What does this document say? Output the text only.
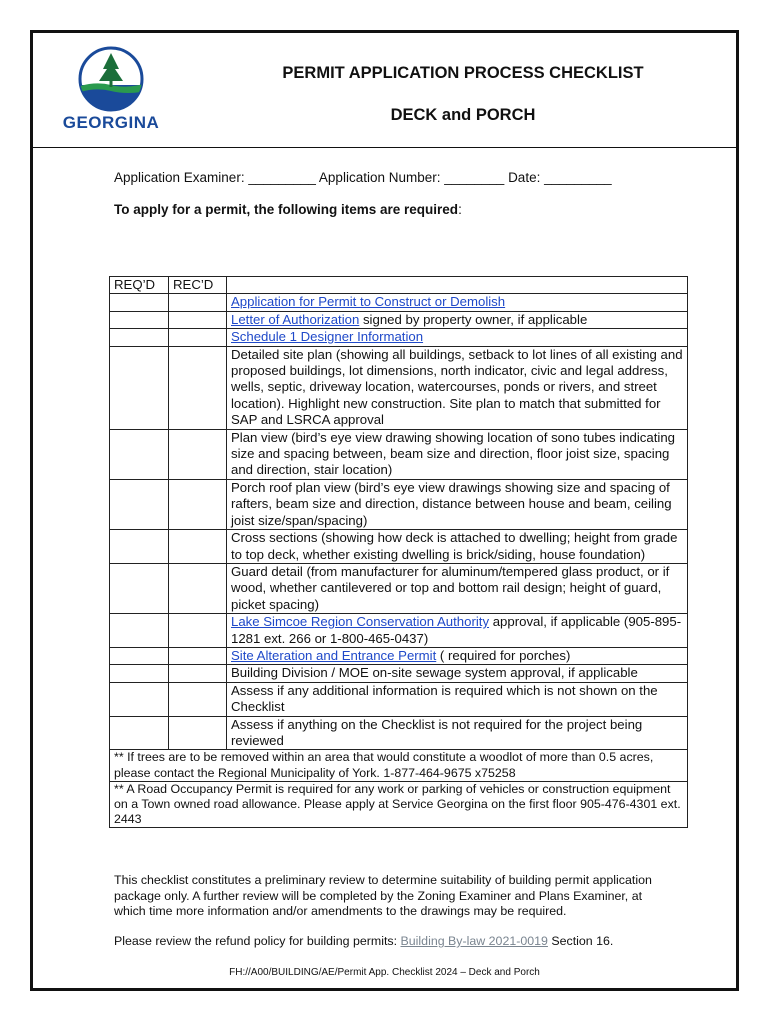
GEORGINA
PERMIT APPLICATION PROCESS CHECKLIST
DECK and PORCH
Application Examiner: _________ Application Number: ________ Date: _________
To apply for a permit, the following items are required:
REQ’D	REC’D	
		Application for Permit to Construct or Demolish
		Letter of Authorization signed by property owner, if applicable
		Schedule 1 Designer Information
		Detailed site plan (showing all buildings, setback to lot lines of all existing and proposed buildings, lot dimensions, north indicator, civic and legal address, wells, septic, driveway location, watercourses, ponds or rivers, and street location). Highlight new construction. Site plan to match that submitted for SAP and LSRCA approval
		Plan view (bird’s eye view drawing showing location of sono tubes indicating size and spacing between, beam size and direction, floor joist size, spacing and direction, stair location)
		Porch roof plan view (bird’s eye view drawings showing size and spacing of rafters, beam size and direction, distance between house and beam, ceiling joist size/span/spacing)
		Cross sections (showing how deck is attached to dwelling; height from grade to top deck, whether existing dwelling is brick/siding, house foundation)
		Guard detail (from manufacturer for aluminum/tempered glass product, or if wood, whether cantilevered or top and bottom rail design; height of guard, picket spacing)
		Lake Simcoe Region Conservation Authority approval, if applicable (905-895-1281 ext. 266 or 1-800-465-0437)
		Site Alteration and Entrance Permit ( required for porches)
		Building Division / MOE on-site sewage system approval, if applicable
		Assess if any additional information is required which is not shown on the Checklist
		Assess if anything on the Checklist is not required for the project being reviewed
** If trees are to be removed within an area that would constitute a woodlot of more than 0.5 acres, please contact the Regional Municipality of York. 1-877-464-9675 x75258		
** A Road Occupancy Permit is required for any work or parking of vehicles or construction equipment on a Town owned road allowance. Please apply at Service Georgina on the first floor 905-476-4301 ext. 2443		
This checklist constitutes a preliminary review to determine suitability of building permit application package only. A further review will be completed by the Zoning Examiner and Plans Examiner, at which time more information and/or amendments to the drawings may be required.
Please review the refund policy for building permits: Building By-law 2021-0019 Section 16.
FH://A00/BUILDING/AE/Permit App. Checklist 2024 – Deck and Porch
